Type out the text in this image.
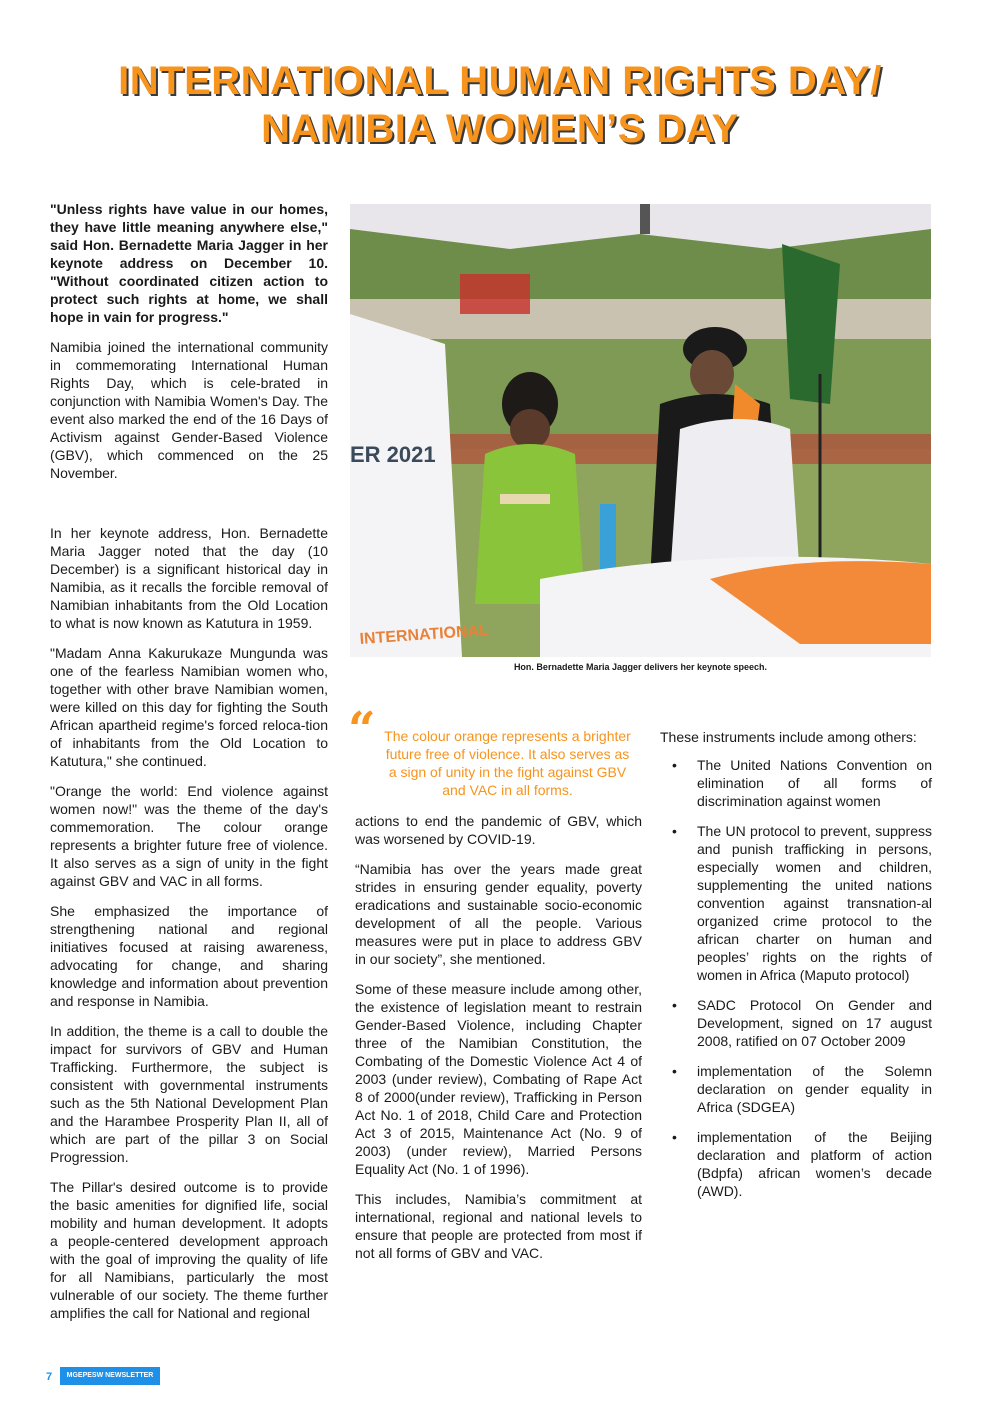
INTERNATIONAL HUMAN RIGHTS DAY/
NAMIBIA WOMEN’S DAY

"Unless rights have value in our homes, they have little meaning anywhere else," said Hon. Bernadette Maria Jagger in her keynote address on December 10. "Without coordinated citizen action to protect such rights at home, we shall hope in vain for progress."

Namibia joined the international community in commemorating International Human Rights Day, which is cele-brated in conjunction with Namibia Women's Day. The event also marked the end of the 16 Days of Activism against Gender-Based Violence (GBV), which commenced on the 25 November.

In her keynote address, Hon. Bernadette Maria Jagger noted that the day (10 December) is a significant historical day in Namibia, as it recalls the forcible removal of Namibian inhabitants from the Old Location to what is now known as Katutura in 1959.

"Madam Anna Kakurukaze Mungunda was one of the fearless Namibian women who, together with other brave Namibian women, were killed on this day for fighting the South African apartheid regime's forced reloca-tion of inhabitants from the Old Location to Katutura," she continued.

"Orange the world: End violence against women now!" was the theme of the day's commemoration. The colour orange represents a brighter future free of violence. It also serves as a sign of unity in the fight against GBV and VAC in all forms.

She emphasized the importance of strengthening national and regional initiatives focused at raising awareness, advocating for change, and sharing knowledge and information about prevention and response in Namibia.

In addition, the theme is a call to double the impact for survivors of GBV and Human Trafficking. Furthermore, the subject is consistent with governmental instruments such as the 5th National Development Plan and the Harambee Prosperity Plan II, all of which are part of the pillar 3 on Social Progression.

The Pillar's desired outcome is to provide the basic amenities for dignified life, social mobility and human development. It adopts a people-centered development approach with the goal of improving the quality of life for all Namibians, particularly the most vulnerable of our society. The theme further amplifies the call for National and regional

ER 2021
INTERNATIONAL
Hon. Bernadette Maria Jagger delivers her keynote speech.
“ The colour orange represents a brighter future free of violence. It also serves as a sign of unity in the fight against GBV and VAC in all forms.

actions to end the pandemic of GBV, which was worsened by COVID-19.

“Namibia has over the years made great strides in ensuring gender equality, poverty eradications and sustainable socio-economic development of all the people. Various measures were put in place to address GBV in our society”, she mentioned.

Some of these measure include among other, the existence of legislation meant to restrain Gender-Based Violence, including Chapter three of the Namibian Constitution, the Combating of the Domestic Violence Act 4 of 2003 (under review), Combating of Rape Act 8 of 2000(under review), Trafficking in Person Act No. 1 of 2018, Child Care and Protection Act 3 of 2015, Maintenance Act (No. 9 of 2003) (under review), Married Persons Equality Act (No. 1 of 1996).

This includes, Namibia’s commitment at international, regional and national levels to ensure that people are protected from most if not all forms of GBV and VAC.

These instruments include among others:

• The United Nations Convention on elimination of all forms of discrimination against women
• The UN protocol to prevent, suppress and punish trafficking in persons, especially women and children, supplementing the united nations convention against transnation-al organized crime protocol to the african charter on human and peoples’ rights on the rights of women in Africa (Maputo protocol)
• SADC Protocol On Gender and Development, signed on 17 august 2008, ratified on 07 October 2009
• implementation of the Solemn declaration on gender equality in Africa (SDGEA)
• implementation of the Beijing declaration and platform of action (Bdpfa) african women’s decade (AWD).
7	MGEPESW NEWSLETTER
